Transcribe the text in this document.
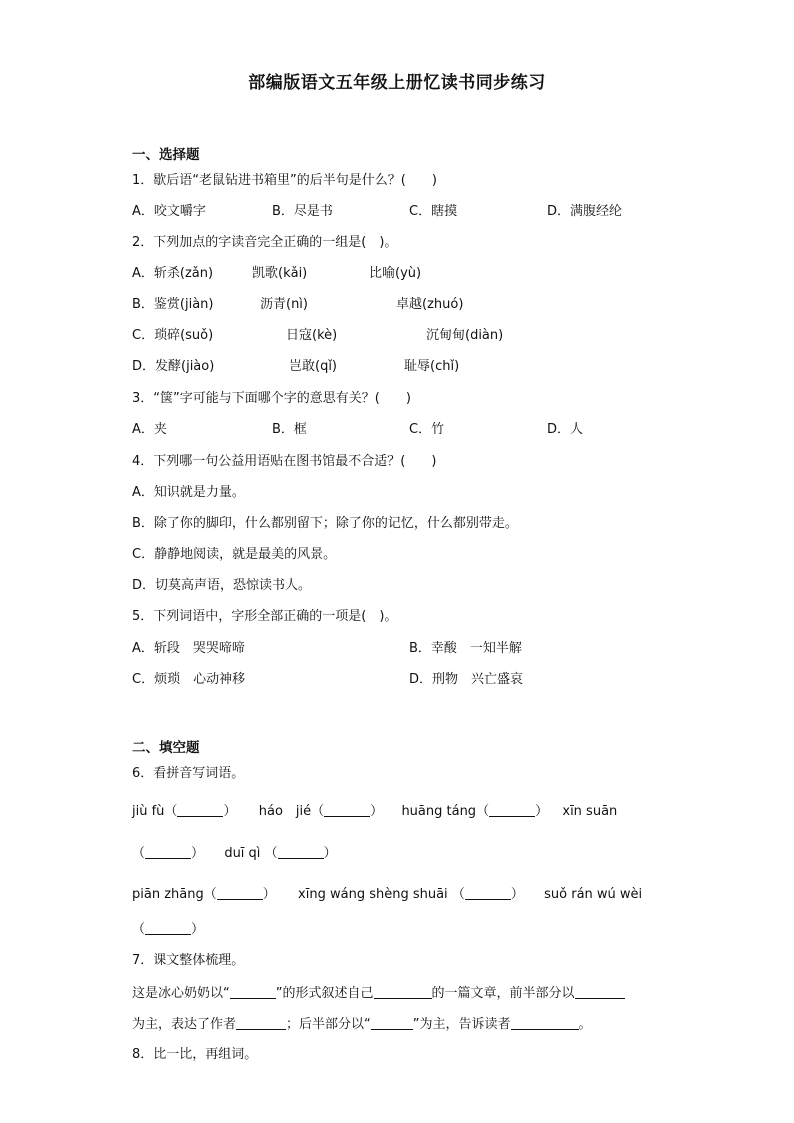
部编版语文五年级上册忆读书同步练习
一、选择题
1．歇后语“老鼠钻进书箱里”的后半句是什么？(　　)
A．咬文嚼字	B．尽是书	C．瞎摸	D．满腹经纶
2．下列加点的字读音完全正确的一组是(　)。
A．斩杀(zǎn)	凯歌(kǎi)	比喻(yù)
B．鉴赏(jiàn)	沥青(nì)	卓越(zhuó)
C．琐碎(suǒ)	日寇(kè)	沉甸甸(diàn)
D．发酵(jiào)	岂敢(qǐ)	耻辱(chǐ)
3．“箧”字可能与下面哪个字的意思有关？(　　)
A．夹	B．框	C．竹	D．人
4．下列哪一句公益用语贴在图书馆最不合适？(　　)
A．知识就是力量。
B．除了你的脚印，什么都别留下；除了你的记忆，什么都别带走。
C．静静地阅读，就是最美的风景。
D．切莫高声语，恐惊读书人。
5．下列词语中，字形全部正确的一项是(　)。
A．斩段　哭哭啼啼	B．幸酸　一知半解
C．烦琐　心动神移	D．刑物　兴亡盛哀
二、填空题
6．看拼音写词语。
jiù fù（	） háo　jié（	） huāng táng（	） xīn suān
（	） duī qì （	）
piān zhāng（	） xīng wáng shèng shuāi （	） suǒ rán wú wèi
（	）
7．课文整体梳理。
这是冰心奶奶以“	”的形式叙述自己	的一篇文章，前半部分以
为主，表达了作者	；后半部分以“	”为主，告诉读者	。
8．比一比，再组词。
